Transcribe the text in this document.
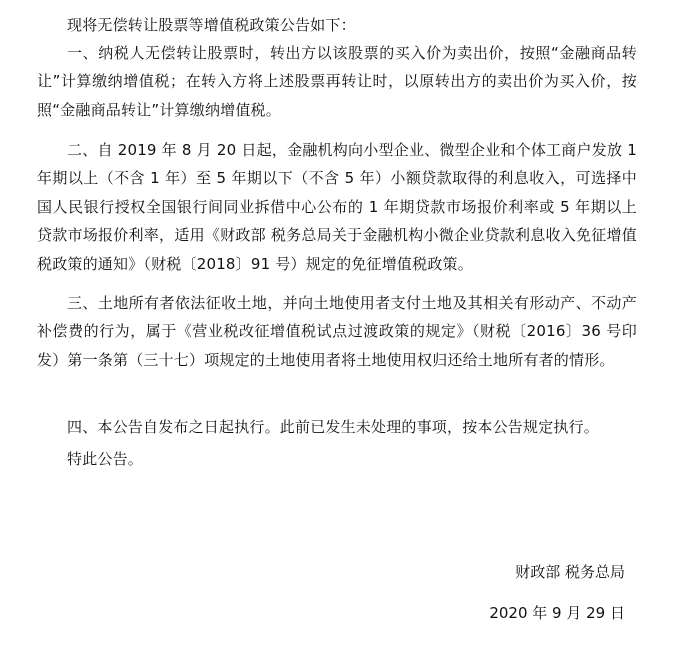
现将无偿转让股票等增值税政策公告如下：

一、纳税人无偿转让股票时，转出方以该股票的买入价为卖出价，按照“金融商品转让”计算缴纳增值税；在转入方将上述股票再转让时，以原转出方的卖出价为买入价，按照“金融商品转让”计算缴纳增值税。

二、自 2019 年 8 月 20 日起，金融机构向小型企业、微型企业和个体工商户发放 1 年期以上（不含 1 年）至 5 年期以下（不含 5 年）小额贷款取得的利息收入，可选择中国人民银行授权全国银行间同业拆借中心公布的 1 年期贷款市场报价利率或 5 年期以上贷款市场报价利率，适用《财政部 税务总局关于金融机构小微企业贷款利息收入免征增值税政策的通知》（财税〔2018〕91 号）规定的免征增值税政策。

三、土地所有者依法征收土地，并向土地使用者支付土地及其相关有形动产、不动产补偿费的行为，属于《营业税改征增值税试点过渡政策的规定》（财税〔2016〕36 号印发）第一条第（三十七）项规定的土地使用者将土地使用权归还给土地所有者的情形。

四、本公告自发布之日起执行。此前已发生未处理的事项，按本公告规定执行。

特此公告。

财政部 税务总局

2020 年 9 月 29 日
